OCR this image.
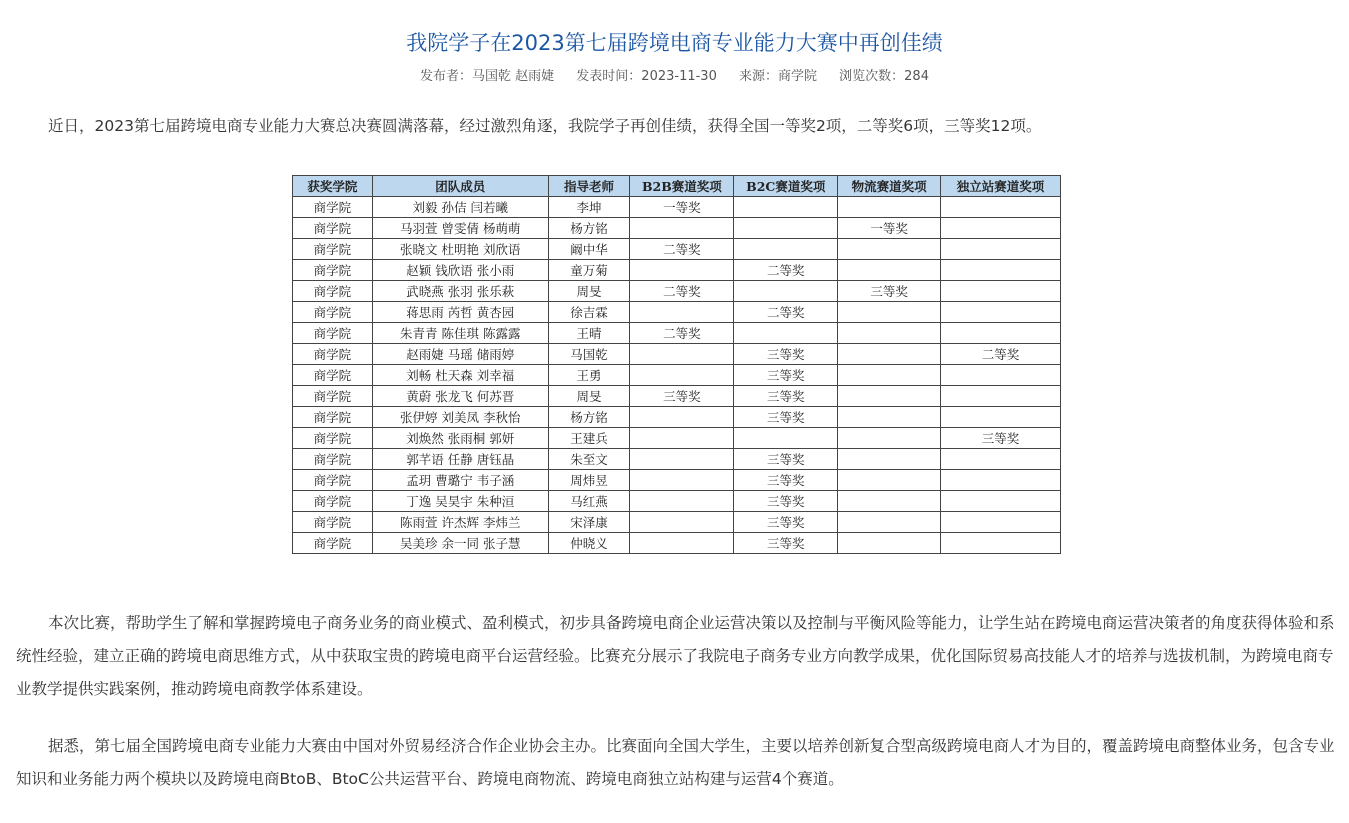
我院学子在2023第七届跨境电商专业能力大赛中再创佳绩
发布者：马国乾 赵雨婕 发表时间：2023-11-30 来源：商学院 浏览次数：284

近日，2023第七届跨境电商专业能力大赛总决赛圆满落幕，经过激烈角逐，我院学子再创佳绩，获得全国一等奖2项，二等奖6项，三等奖12项。

获奖学院	团队成员	指导老师	B2B赛道奖项	B2C赛道奖项	物流赛道奖项	独立站赛道奖项
商学院	刘毅 孙佶 闫若曦	李坤	一等奖			
商学院	马羽萱 曾雯倩 杨萌萌	杨方铭			一等奖	
商学院	张晓文 杜明艳 刘欣语	阚中华	二等奖			
商学院	赵颖 钱欣语 张小雨	童万菊		二等奖		
商学院	武晓燕 张羽 张乐萩	周旻	二等奖		三等奖	
商学院	蒋思雨 芮哲 黄杏园	徐吉霖		二等奖		
商学院	朱青青 陈佳琪 陈露露	王晴	二等奖			
商学院	赵雨婕 马瑶 储雨婷	马国乾		三等奖		二等奖
商学院	刘畅 杜天森 刘幸福	王勇		三等奖		
商学院	黄蔚 张龙飞 何苏晋	周旻	三等奖	三等奖		
商学院	张伊婷 刘美凤 李秋怡	杨方铭		三等奖		
商学院	刘焕然 张雨桐 郭妍	王建兵				三等奖
商学院	郭芊语 任静 唐钰晶	朱至文		三等奖		
商学院	孟玥 曹璐宁 韦子涵	周炜昱		三等奖		
商学院	丁逸 吴昊宇 朱种洹	马红燕		三等奖		
商学院	陈雨萱 许杰辉 李炜兰	宋泽康		三等奖		
商学院	吴美珍 余一同 张子慧	仲晓义		三等奖		

本次比赛，帮助学生了解和掌握跨境电子商务业务的商业模式、盈利模式，初步具备跨境电商企业运营决策以及控制与平衡风险等能力，让学生站在跨境电商运营决策者的角度获得体验和系统性经验，建立正确的跨境电商思维方式，从中获取宝贵的跨境电商平台运营经验。比赛充分展示了我院电子商务专业方向教学成果，优化国际贸易高技能人才的培养与选拔机制，为跨境电商专业教学提供实践案例，推动跨境电商教学体系建设。

据悉，第七届全国跨境电商专业能力大赛由中国对外贸易经济合作企业协会主办。比赛面向全国大学生，主要以培养创新复合型高级跨境电商人才为目的，覆盖跨境电商整体业务，包含专业知识和业务能力两个模块以及跨境电商BtoB、BtoC公共运营平台、跨境电商物流、跨境电商独立站构建与运营4个赛道。
